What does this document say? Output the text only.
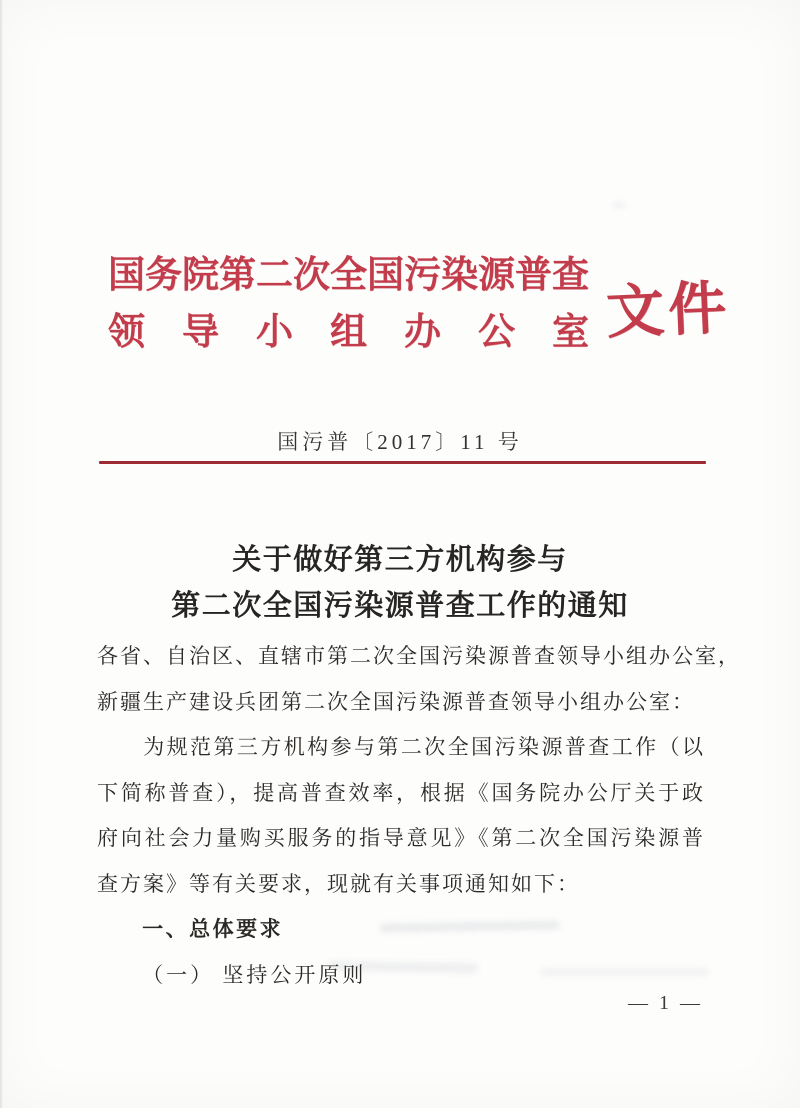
国务院第二次全国污染源普查
领导小组办公室
文件
国污普〔2017〕11 号
关于做好第三方机构参与
第二次全国污染源普查工作的通知
各省、自治区、直辖市第二次全国污染源普查领导小组办公室，
新疆生产建设兵团第二次全国污染源普查领导小组办公室：

为规范第三方机构参与第二次全国污染源普查工作（以下简称普查），提高普查效率，根据《国务院办公厅关于政府向社会力量购买服务的指导意见》《第二次全国污染源普查方案》等有关要求，现就有关事项通知如下：

一、总体要求
（一） 坚持公开原则
— 1 —
